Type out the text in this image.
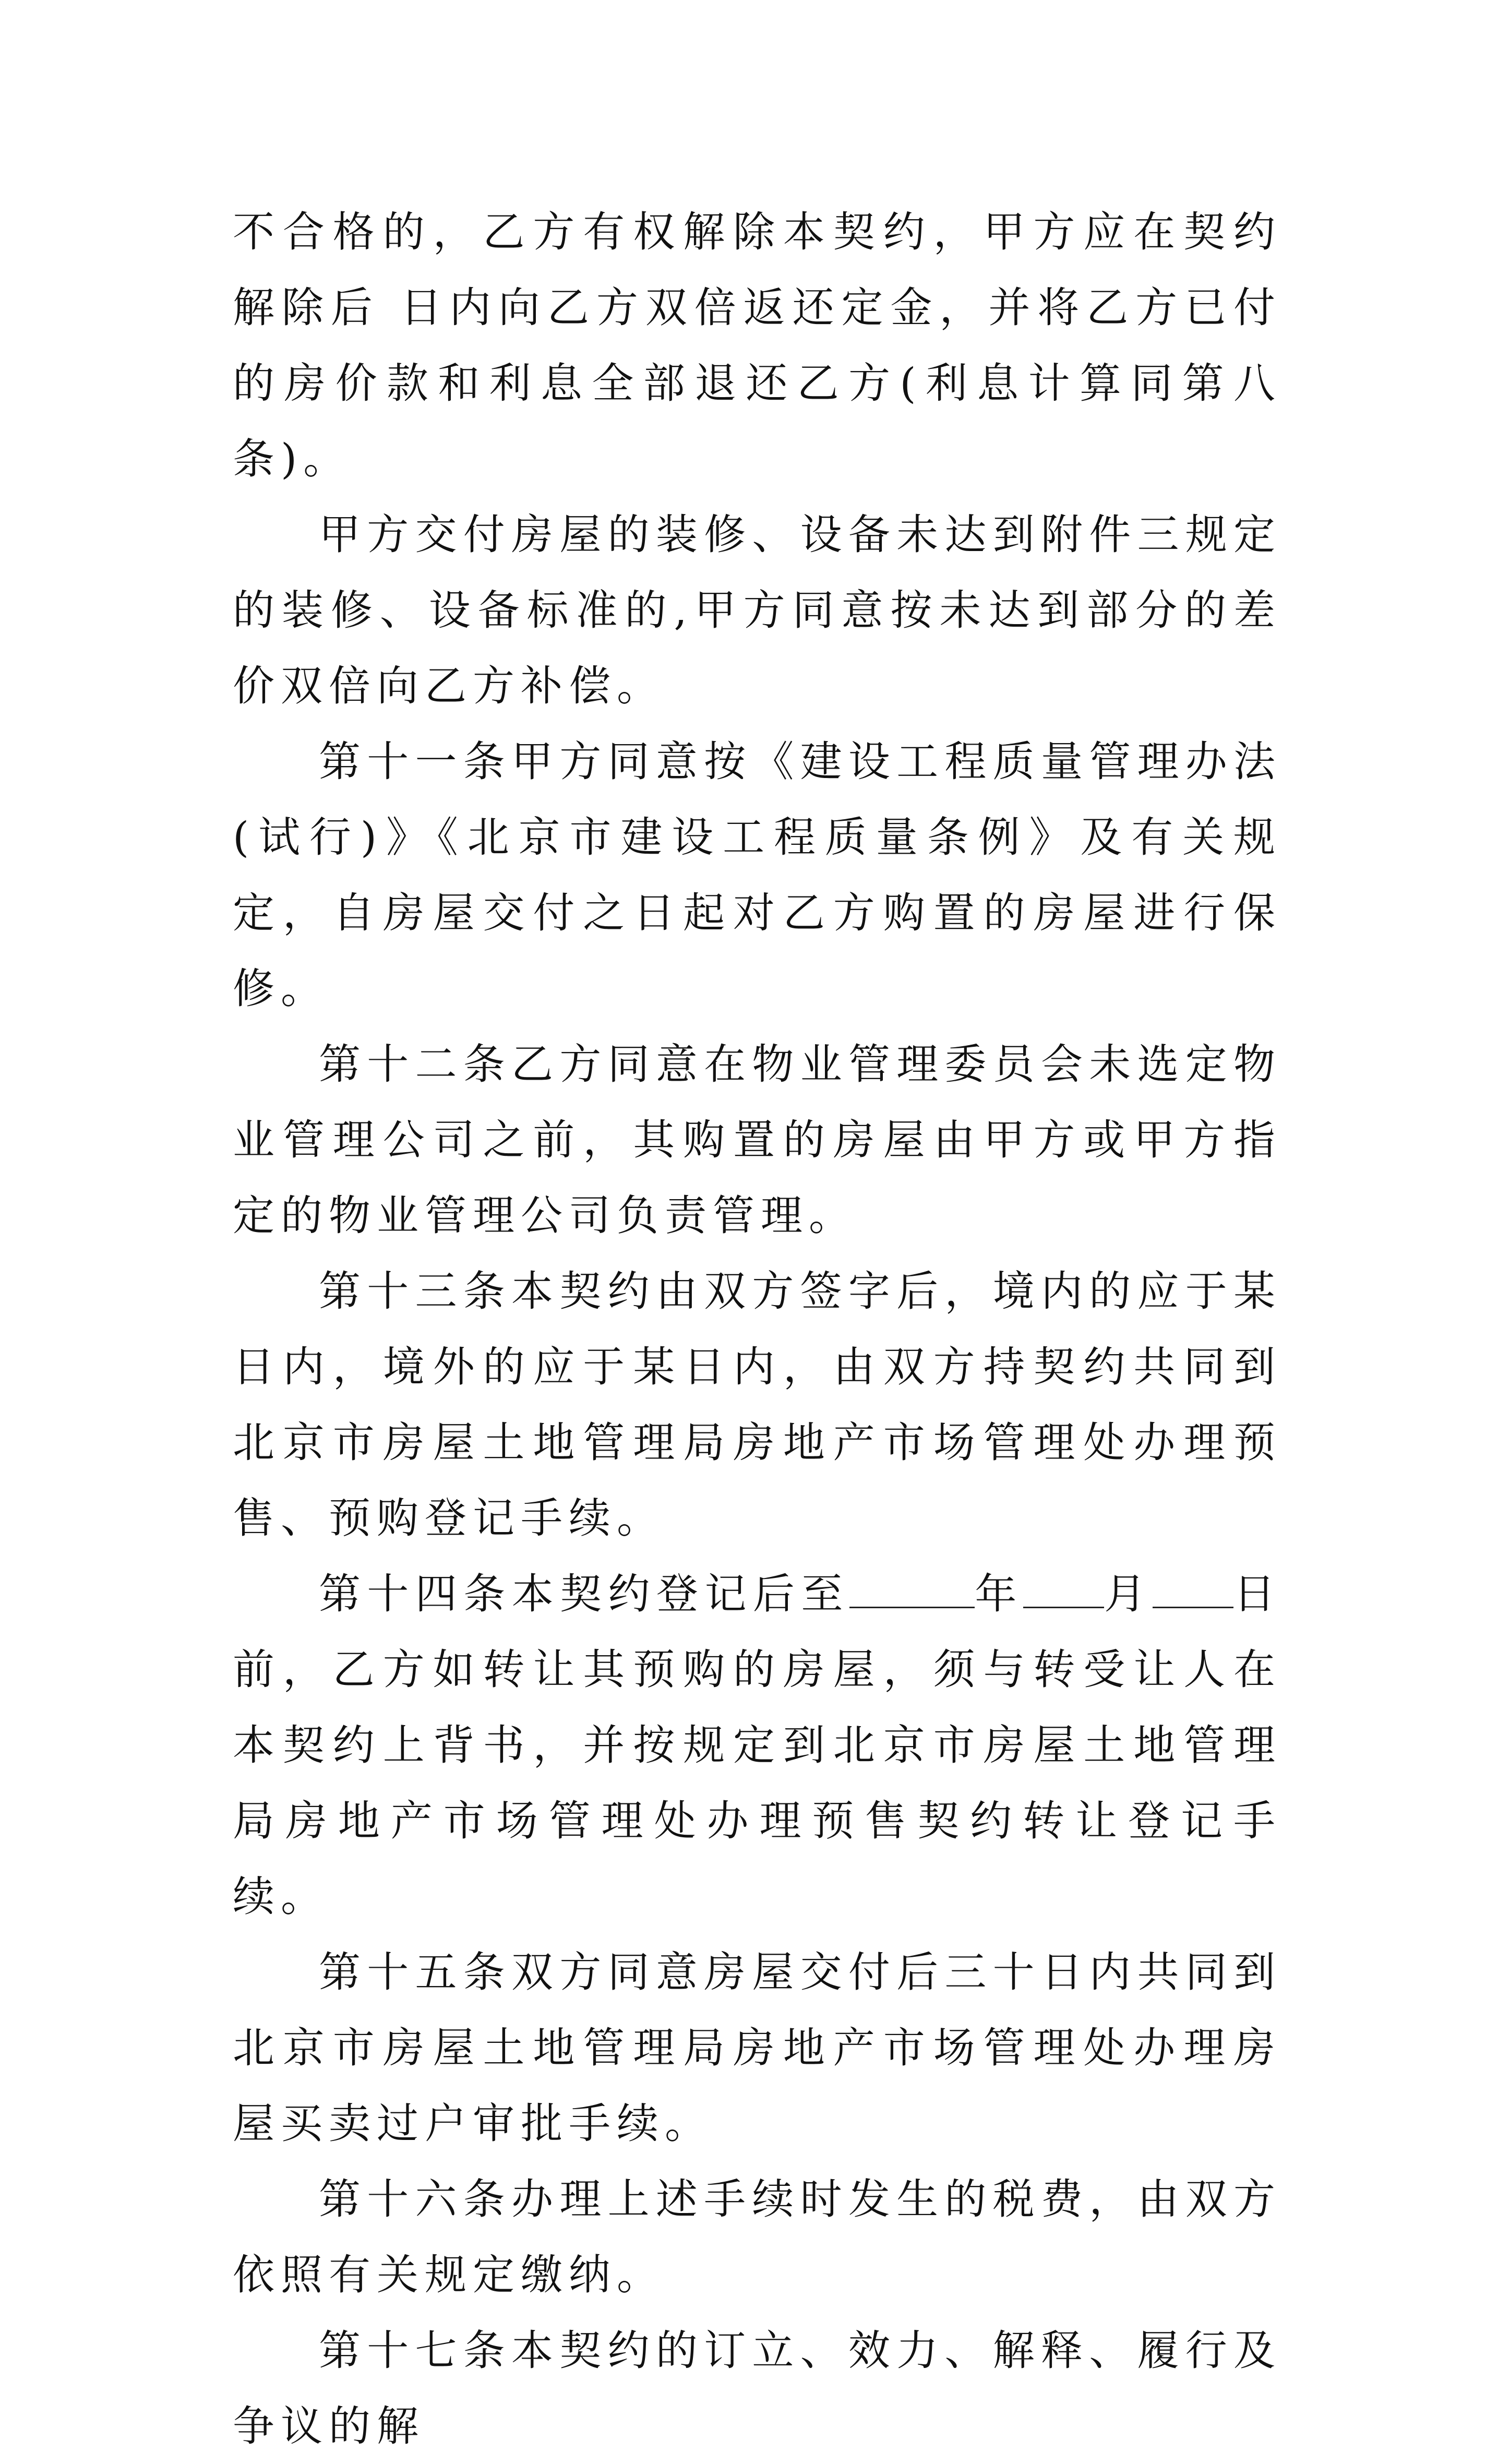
不合格的，乙方有权解除本契约，甲方应在契约解除后 日内向乙方双倍返还定金，并将乙方已付的房价款和利息全部退还乙方(利息计算同第八条)。

甲方交付房屋的装修、设备未达到附件三规定的装修、设备标准的,甲方同意按未达到部分的差价双倍向乙方补偿。

第十一条甲方同意按《建设工程质量管理办法(试行)》《北京市建设工程质量条例》及有关规定，自房屋交付之日起对乙方购置的房屋进行保修。

第十二条乙方同意在物业管理委员会未选定物业管理公司之前，其购置的房屋由甲方或甲方指定的物业管理公司负责管理。

第十三条本契约由双方签字后，境内的应于某日内，境外的应于某日内，由双方持契约共同到北京市房屋土地管理局房地产市场管理处办理预售、预购登记手续。

第十四条本契约登记后至	年 月 日前，乙方如转让其预购的房屋，须与转受让人在本契约上背书，并按规定到北京市房屋土地管理局房地产市场管理处办理预售契约转让登记手续。

第十五条双方同意房屋交付后三十日内共同到北京市房屋土地管理局房地产市场管理处办理房屋买卖过户审批手续。

第十六条办理上述手续时发生的税费，由双方依照有关规定缴纳。

第十七条本契约的订立、效力、解释、履行及争议的解
